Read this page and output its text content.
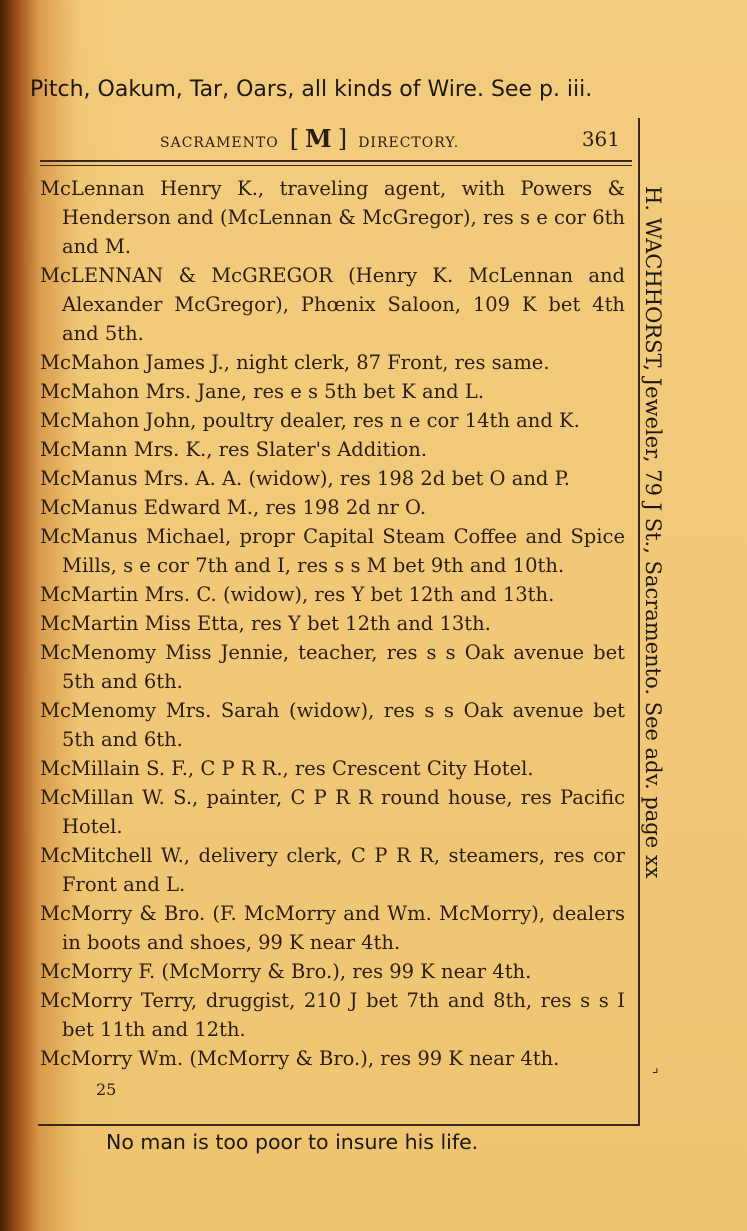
Pitch, Oakum, Tar, Oars, all kinds of Wire. See p. iii.
SACRAMENTO [ M ] DIRECTORY.	361
McLennan Henry K., traveling agent, with Powers & Henderson and (McLennan & McGregor), res s e cor 6th and M.
McLENNAN & McGREGOR (Henry K. McLennan and Alexander McGregor), Phœnix Saloon, 109 K bet 4th and 5th.
McMahon James J., night clerk, 87 Front, res same.
McMahon Mrs. Jane, res e s 5th bet K and L.
McMahon John, poultry dealer, res n e cor 14th and K.
McMann Mrs. K., res Slater's Addition.
McManus Mrs. A. A. (widow), res 198 2d bet O and P.
McManus Edward M., res 198 2d nr O.
McManus Michael, propr Capital Steam Coffee and Spice Mills, s e cor 7th and I, res s s M bet 9th and 10th.
McMartin Mrs. C. (widow), res Y bet 12th and 13th.
McMartin Miss Etta, res Y bet 12th and 13th.
McMenomy Miss Jennie, teacher, res s s Oak avenue bet 5th and 6th.
McMenomy Mrs. Sarah (widow), res s s Oak avenue bet 5th and 6th.
McMillain S. F., C P R R., res Crescent City Hotel.
McMillan W. S., painter, C P R R round house, res Pacific Hotel.
McMitchell W., delivery clerk, C P R R, steamers, res cor Front and L.
McMorry & Bro. (F. McMorry and Wm. McMorry), dealers in boots and shoes, 99 K near 4th.
McMorry F. (McMorry & Bro.), res 99 K near 4th.
McMorry Terry, druggist, 210 J bet 7th and 8th, res s s I bet 11th and 12th.
McMorry Wm. (McMorry & Bro.), res 99 K near 4th.
25
H. WACHHORST, Jeweler, 79 J St., Sacramento. See adv. page xx
⌟
No man is too poor to insure his life.
